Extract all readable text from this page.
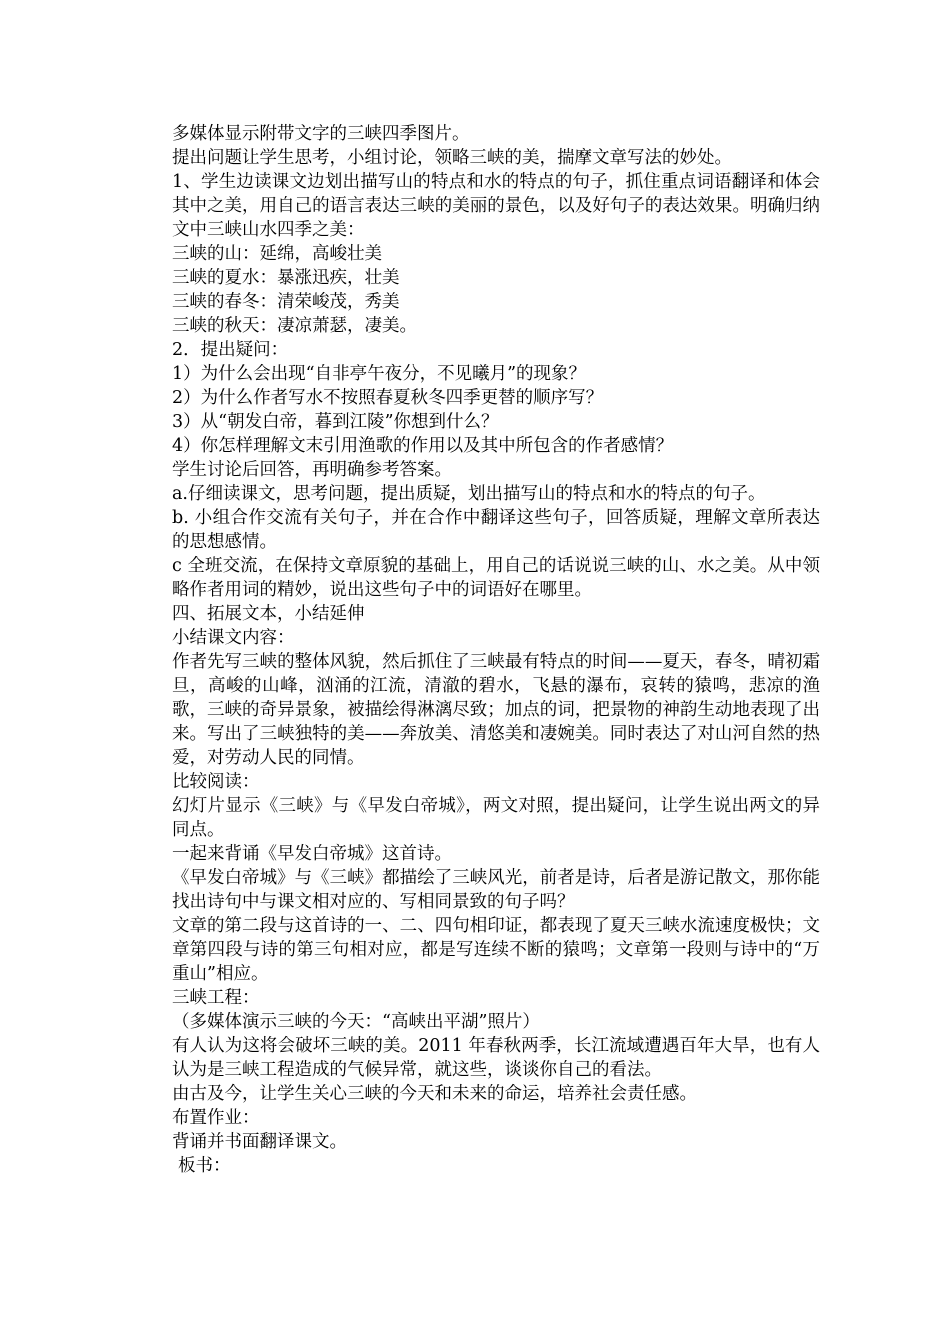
多媒体显示附带文字的三峡四季图片。

提出问题让学生思考，小组讨论，领略三峡的美，揣摩文章写法的妙处。

1、学生边读课文边划出描写山的特点和水的特点的句子，抓住重点词语翻译和体会其中之美，用自己的语言表达三峡的美丽的景色，以及好句子的表达效果。明确归纳文中三峡山水四季之美：

三峡的山：延绵，高峻壮美

三峡的夏水：暴涨迅疾，壮美

三峡的春冬：清荣峻茂，秀美

三峡的秋天：凄凉萧瑟，凄美。

2．提出疑问：

1）为什么会出现“自非亭午夜分，不见曦月”的现象？

2）为什么作者写水不按照春夏秋冬四季更替的顺序写？

3）从“朝发白帝，暮到江陵”你想到什么？

4）你怎样理解文末引用渔歌的作用以及其中所包含的作者感情？

学生讨论后回答，再明确参考答案。

a.仔细读课文，思考问题，提出质疑，划出描写山的特点和水的特点的句子。

b. 小组合作交流有关句子，并在合作中翻译这些句子，回答质疑，理解文章所表达的思想感情。

c 全班交流，在保持文章原貌的基础上，用自己的话说说三峡的山、水之美。从中领略作者用词的精妙，说出这些句子中的词语好在哪里。

四、拓展文本，小结延伸

小结课文内容：

作者先写三峡的整体风貌，然后抓住了三峡最有特点的时间——夏天，春冬，晴初霜旦，高峻的山峰，汹涌的江流，清澈的碧水，飞悬的瀑布，哀转的猿鸣，悲凉的渔歌，三峡的奇异景象，被描绘得淋漓尽致；加点的词，把景物的神韵生动地表现了出来。写出了三峡独特的美——奔放美、清悠美和凄婉美。同时表达了对山河自然的热爱，对劳动人民的同情。

比较阅读：

幻灯片显示《三峡》与《早发白帝城》，两文对照，提出疑问，让学生说出两文的异同点。

一起来背诵《早发白帝城》这首诗。

《早发白帝城》与《三峡》都描绘了三峡风光，前者是诗，后者是游记散文，那你能找出诗句中与课文相对应的、写相同景致的句子吗？

文章的第二段与这首诗的一、二、四句相印证，都表现了夏天三峡水流速度极快；文章第四段与诗的第三句相对应，都是写连续不断的猿鸣；文章第一段则与诗中的“万重山”相应。

三峡工程：

（多媒体演示三峡的今天：“高峡出平湖”照片）

有人认为这将会破坏三峡的美。2011 年春秋两季，长江流域遭遇百年大旱，也有人认为是三峡工程造成的气候异常，就这些，谈谈你自己的看法。

由古及今，让学生关心三峡的今天和未来的命运，培养社会责任感。

布置作业：

背诵并书面翻译课文。

板书：
